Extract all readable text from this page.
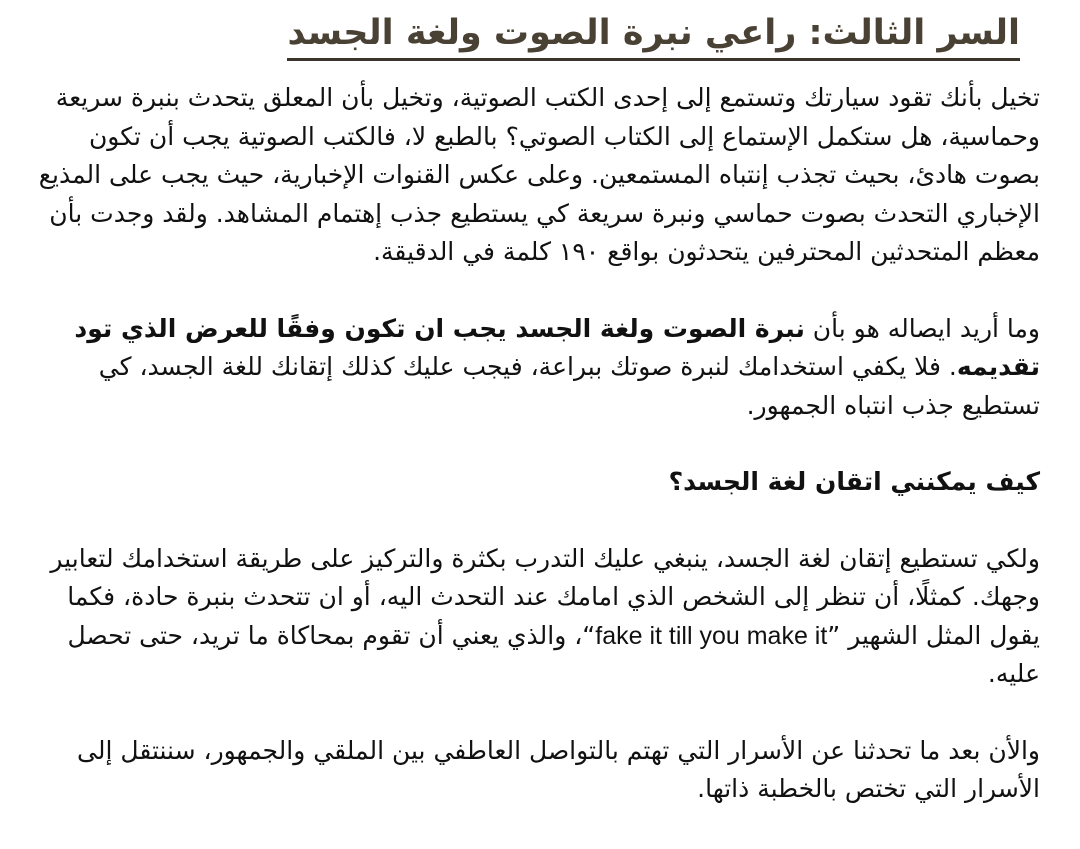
السر الثالث: راعي نبرة الصوت ولغة الجسد

تخيل بأنك تقود سيارتك وتستمع إلى إحدى الكتب الصوتية، وتخيل بأن المعلق يتحدث بنبرة سريعة وحماسية، هل ستكمل الإستماع إلى الكتاب الصوتي؟ بالطبع لا، فالكتب الصوتية يجب أن تكون بصوت هادئ، بحيث تجذب إنتباه المستمعين. وعلى عكس القنوات الإخبارية، حيث يجب على المذيع الإخباري التحدث بصوت حماسي ونبرة سريعة كي يستطيع جذب إهتمام المشاهد. ولقد وجدت بأن معظم المتحدثين المحترفين يتحدثون بواقع ١٩٠ كلمة في الدقيقة.

وما أريد ايصاله هو بأن نبرة الصوت ولغة الجسد يجب ان تكون وفقًا للعرض الذي تود تقديمه. فلا يكفي استخدامك لنبرة صوتك ببراعة، فيجب عليك كذلك إتقانك للغة الجسد، كي تستطيع جذب انتباه الجمهور.

كيف يمكنني اتقان لغة الجسد؟

ولكي تستطيع إتقان لغة الجسد، ينبغي عليك التدرب بكثرة والتركيز على طريقة استخدامك لتعابير وجهك. كمثلًا، أن تنظر إلى الشخص الذي امامك عند التحدث اليه، أو ان تتحدث بنبرة حادة، فكما يقول المثل الشهير ”fake it till you make it“، والذي يعني أن تقوم بمحاكاة ما تريد، حتى تحصل عليه.

والأن بعد ما تحدثنا عن الأسرار التي تهتم بالتواصل العاطفي بين الملقي والجمهور، سننتقل إلى الأسرار التي تختص بالخطبة ذاتها.
